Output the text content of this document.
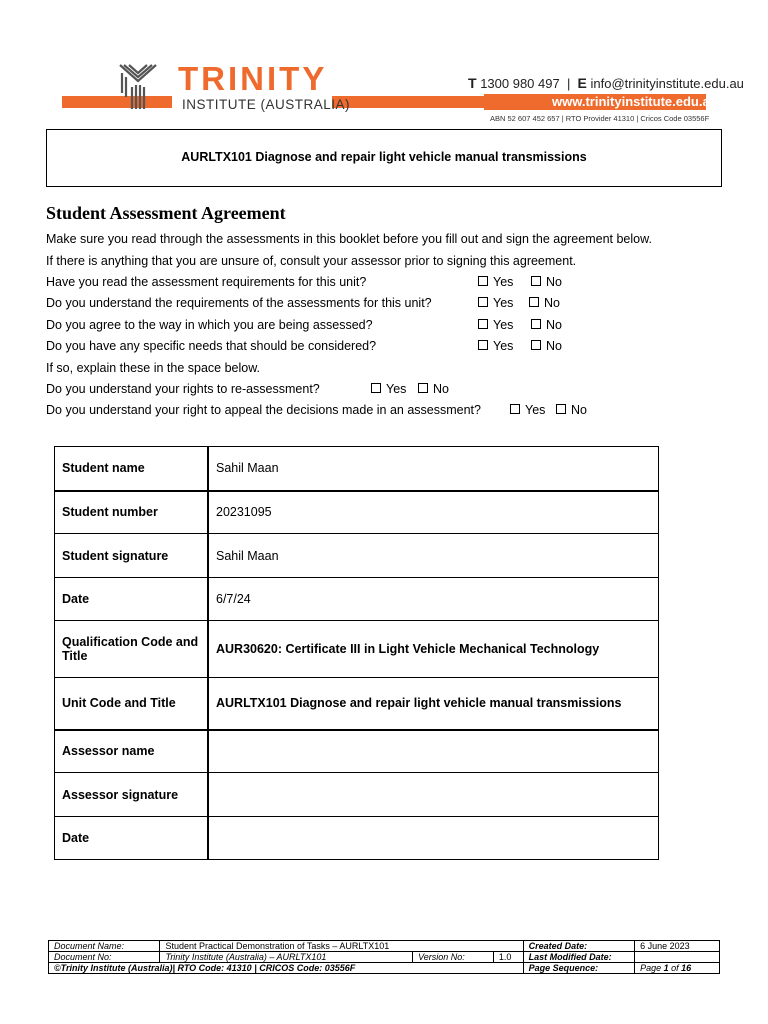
TRINITY
INSTITUTE (AUSTRALIA)
T 1300 980 497  |  E info@trinityinstitute.edu.au
www.trinityinstitute.edu.au
ABN 52 607 452 657 | RTO Provider 41310 | Cricos Code 03556F
AURLTX101 Diagnose and repair light vehicle manual transmissions
Student Assessment Agreement
Make sure you read through the assessments in this booklet before you fill out and sign the agreement below.
If there is anything that you are unsure of, consult your assessor prior to signing this agreement.
Have you read the assessment requirements for this unit?	Yes	No
Do you understand the requirements of the assessments for this unit?	Yes	No
Do you agree to the way in which you are being assessed?	Yes	No
Do you have any specific needs that should be considered?	Yes	No
If so, explain these in the space below.
Do you understand your rights to re-assessment?	Yes	No
Do you understand your right to appeal the decisions made in an assessment?	Yes	No
Student name	Sahil Maan
Student number	20231095
Student signature	Sahil Maan
Date	6/7/24
Qualification Code and Title	AUR30620: Certificate III in Light Vehicle Mechanical Technology
Unit Code and Title	AURLTX101 Diagnose and repair light vehicle manual transmissions
Assessor name	
Assessor signature	
Date	
Document Name:	Student Practical Demonstration of Tasks – AURLTX101			Created Date:	6 June 2023
Document No:	Trinity Institute (Australia) – AURLTX101	Version No:	1.0	Last Modified Date:	
©Trinity Institute (Australia)| RTO Code: 41310 | CRICOS Code: 03556F				Page Sequence:	Page 1 of 16
